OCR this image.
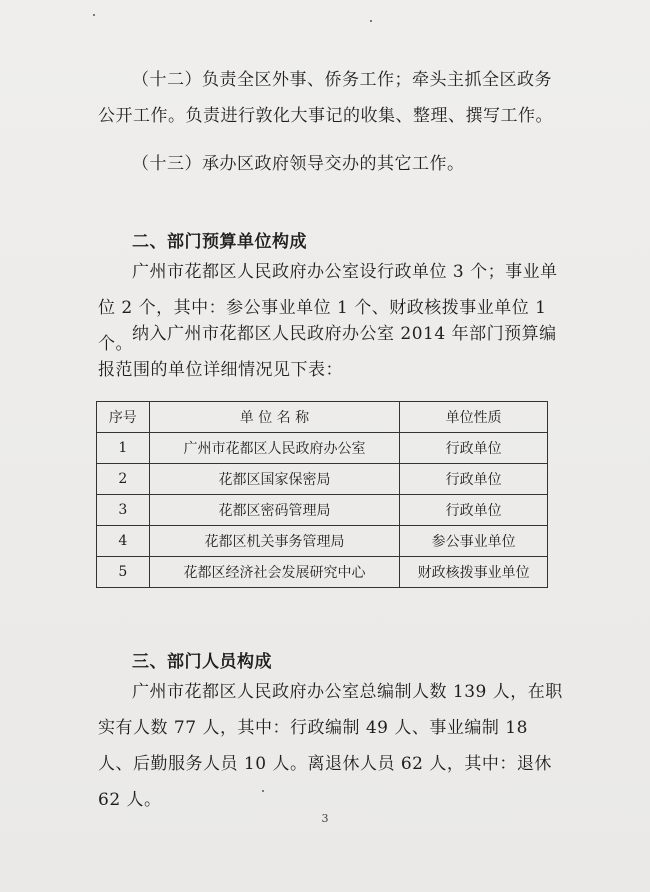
（十二）负责全区外事、侨务工作；牵头主抓全区政务公开工作。负责进行敦化大事记的收集、整理、撰写工作。

（十三）承办区政府领导交办的其它工作。

二、部门预算单位构成

广州市花都区人民政府办公室设行政单位 3 个；事业单位 2 个，其中：参公事业单位 1 个、财政核拨事业单位 1 个。 纳入广州市花都区人民政府办公室 2014 年部门预算编报范围的单位详细情况见下表：

序号	单 位 名 称	单位性质
1	广州市花都区人民政府办公室	行政单位
2	花都区国家保密局	行政单位
3	花都区密码管理局	行政单位
4	花都区机关事务管理局	参公事业单位
5	花都区经济社会发展研究中心	财政核拨事业单位
三、部门人员构成

广州市花都区人民政府办公室总编制人数 139 人，在职实有人数 77 人，其中：行政编制 49 人、事业编制 18 人、后勤服务人员 10 人。离退休人员 62 人，其中：退休 62 人。

3
